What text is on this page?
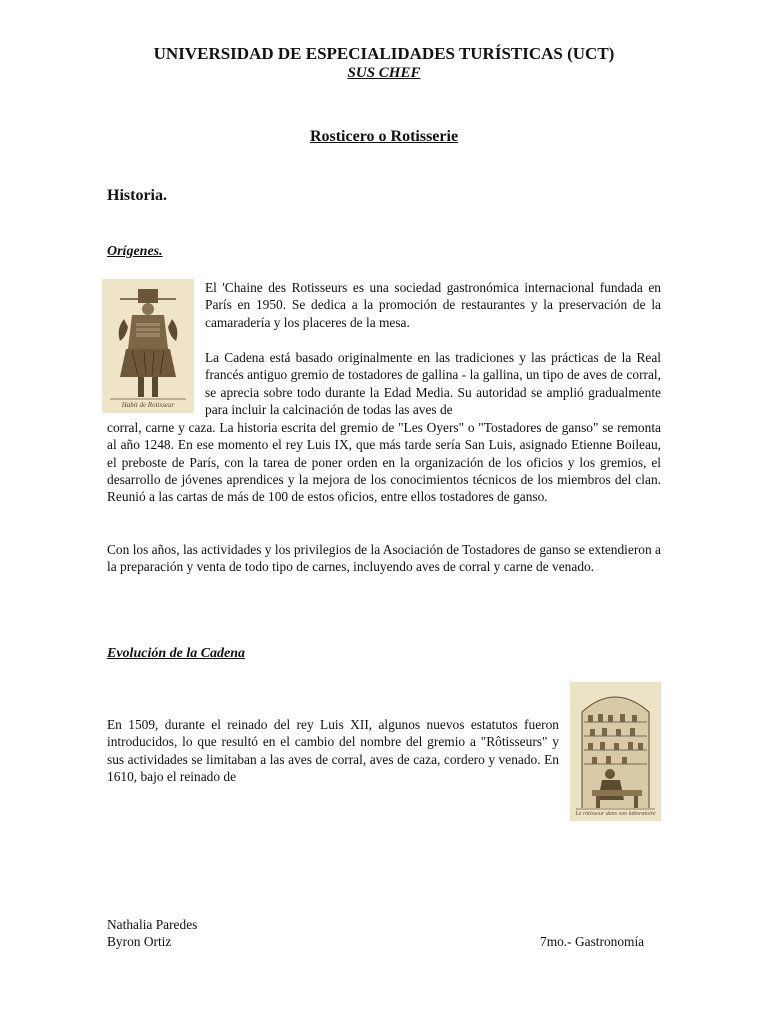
UNIVERSIDAD DE ESPECIALIDADES TURÍSTICAS (UCT)
SUS CHEF
Rosticero o Rotisserie
Historia.
Orígenes.
Habit de Rotisseur

El 'Chaine des Rotisseurs es una sociedad gastronómica internacional fundada en París en 1950. Se dedica a la promoción de restaurantes y la preservación de la camaradería y los placeres de la mesa.

La Cadena está basado originalmente en las tradiciones y las prácticas de la Real francés antiguo gremio de tostadores de gallina - la gallina, un tipo de aves de corral, se aprecia sobre todo durante la Edad Media. Su autoridad se amplió gradualmente para incluir la calcinación de todas las aves de

corral, carne y caza. La historia escrita del gremio de "Les Oyers" o "Tostadores de ganso" se remonta al año 1248. En ese momento el rey Luis IX, que más tarde sería San Luis, asignado Etienne Boileau, el preboste de París, con la tarea de poner orden en la organización de los oficios y los gremios, el desarrollo de jóvenes aprendices y la mejora de los conocimientos técnicos de los miembros del clan. Reunió a las cartas de más de 100 de estos oficios, entre ellos tostadores de ganso.

Con los años, las actividades y los privilegios de la Asociación de Tostadores de ganso se extendieron a la preparación y venta de todo tipo de carnes, incluyendo aves de corral y carne de venado.

Evolución de la Cadena

En 1509, durante el reinado del rey Luis XII, algunos nuevos estatutos fueron introducidos, lo que resultó en el cambio del nombre del gremio a "Rôtisseurs" y sus actividades se limitaban a las aves de corral, aves de caza, cordero y venado. En 1610, bajo el reinado de

Le rôtisseur dans son laboratoire
Nathalia Paredes
Byron Ortiz	7mo.- Gastronomía
